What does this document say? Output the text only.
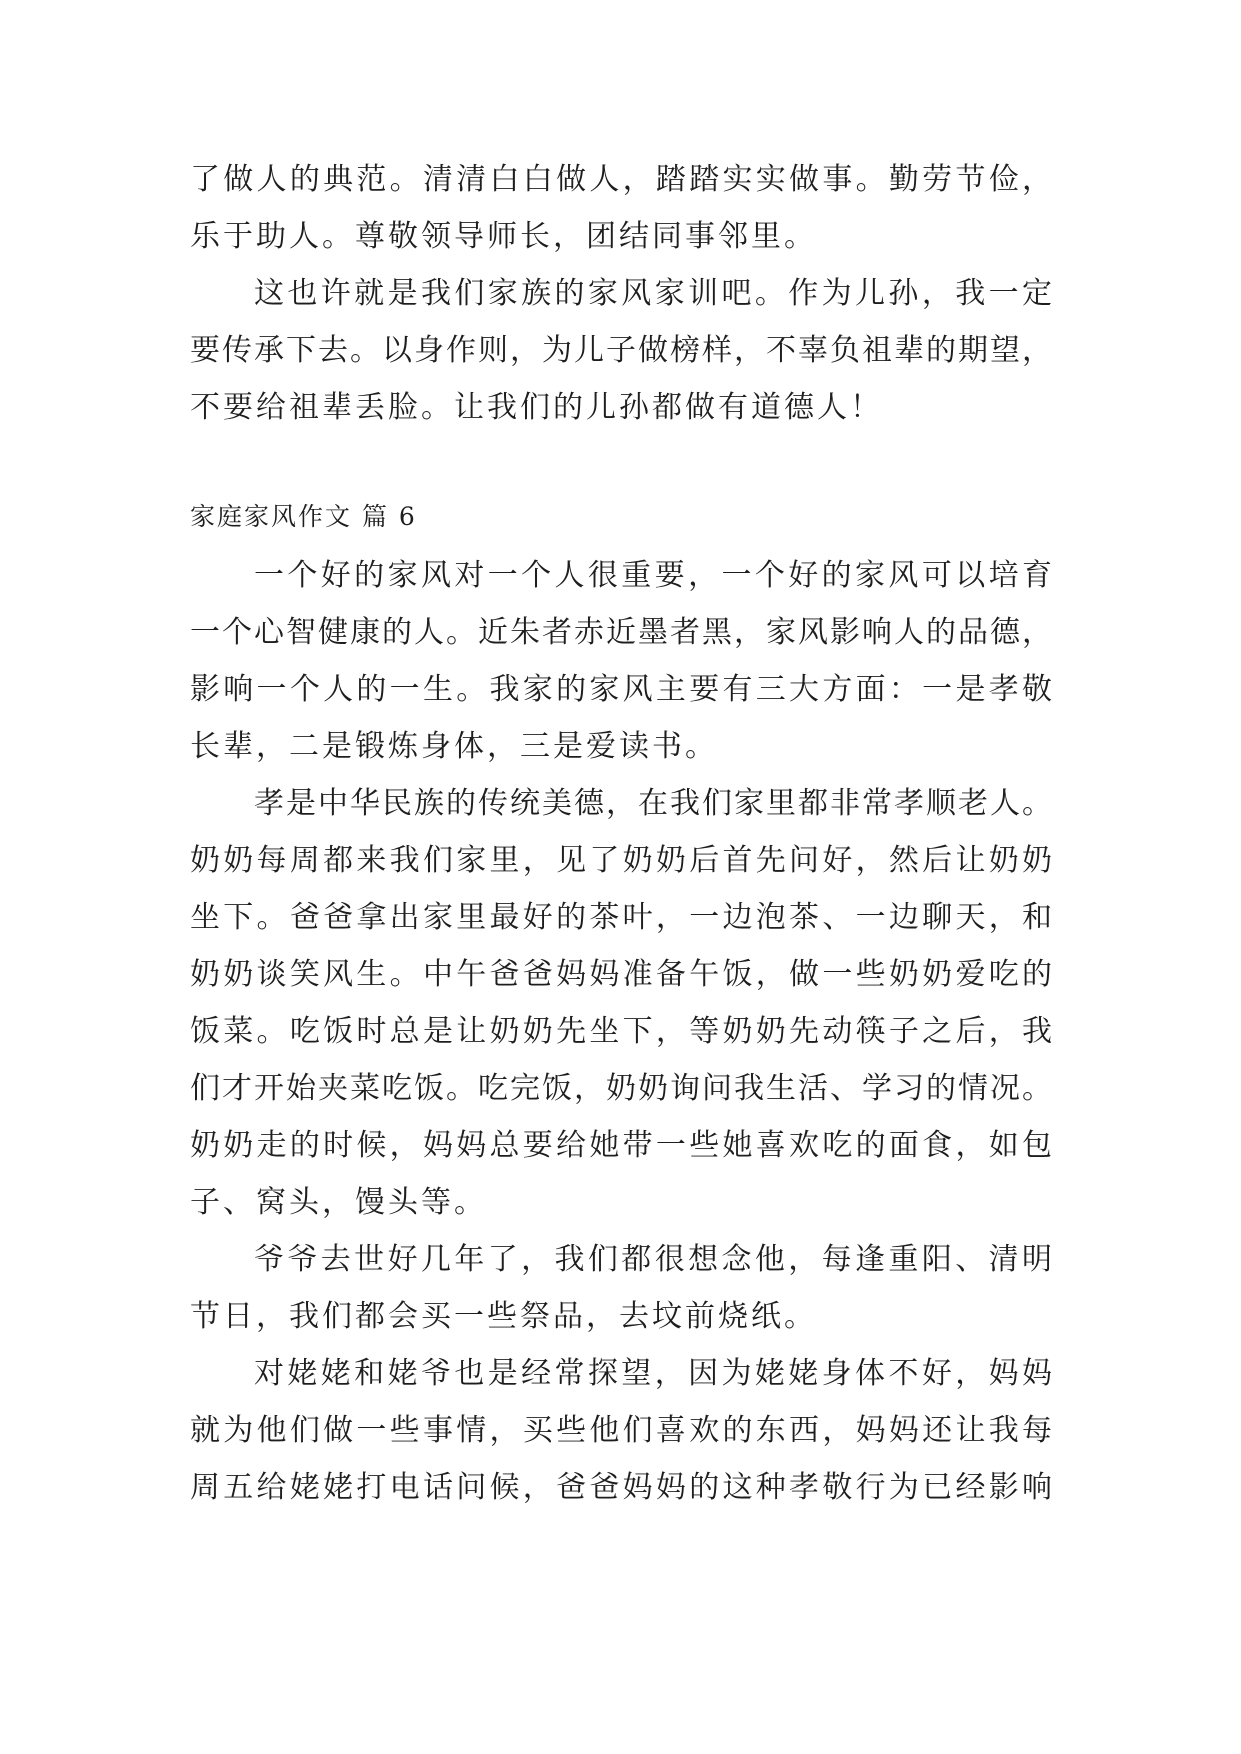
了做人的典范。清清白白做人，踏踏实实做事。勤劳节俭，
乐于助人。尊敬领导师长，团结同事邻里。
这也许就是我们家族的家风家训吧。作为儿孙，我一定
要传承下去。以身作则，为儿子做榜样，不辜负祖辈的期望，
不要给祖辈丢脸。让我们的儿孙都做有道德人！
家庭家风作文 篇 6
一个好的家风对一个人很重要，一个好的家风可以培育
一个心智健康的人。近朱者赤近墨者黑，家风影响人的品德，
影响一个人的一生。我家的家风主要有三大方面：一是孝敬
长辈，二是锻炼身体，三是爱读书。
孝是中华民族的传统美德，在我们家里都非常孝顺老人。
奶奶每周都来我们家里，见了奶奶后首先问好，然后让奶奶
坐下。爸爸拿出家里最好的茶叶，一边泡茶、一边聊天，和
奶奶谈笑风生。中午爸爸妈妈准备午饭，做一些奶奶爱吃的
饭菜。吃饭时总是让奶奶先坐下，等奶奶先动筷子之后，我
们才开始夹菜吃饭。吃完饭，奶奶询问我生活、学习的情况。
奶奶走的时候，妈妈总要给她带一些她喜欢吃的面食，如包
子、窝头，馒头等。
爷爷去世好几年了，我们都很想念他，每逢重阳、清明
节日，我们都会买一些祭品，去坟前烧纸。
对姥姥和姥爷也是经常探望，因为姥姥身体不好，妈妈
就为他们做一些事情，买些他们喜欢的东西，妈妈还让我每
周五给姥姥打电话问候，爸爸妈妈的这种孝敬行为已经影响
